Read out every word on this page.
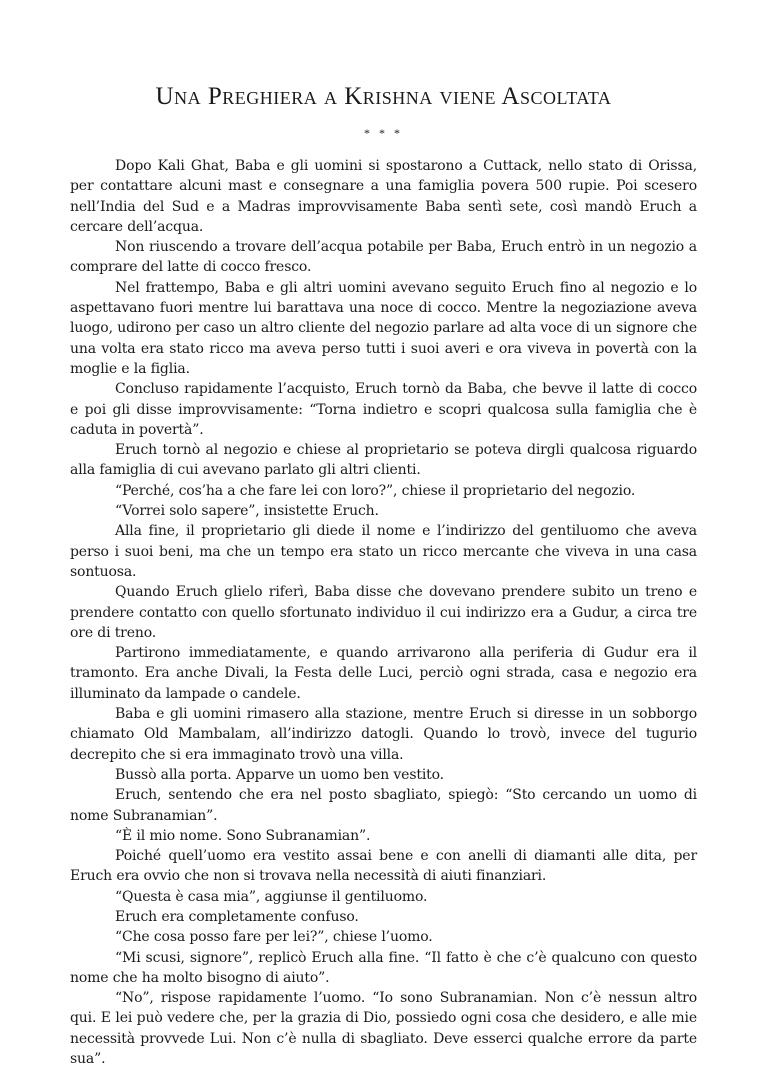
Una Preghiera a Krishna viene Ascoltata
* * *

Dopo Kali Ghat, Baba e gli uomini si spostarono a Cuttack, nello stato di Orissa, per contattare alcuni mast e consegnare a una famiglia povera 500 rupie. Poi scesero nell’India del Sud e a Madras improvvisamente Baba sentì sete, così mandò Eruch a cercare dell’acqua.

Non riuscendo a trovare dell’acqua potabile per Baba, Eruch entrò in un negozio a comprare del latte di cocco fresco.

Nel frattempo, Baba e gli altri uomini avevano seguito Eruch fino al negozio e lo aspettavano fuori mentre lui barattava una noce di cocco. Mentre la negoziazione aveva luogo, udirono per caso un altro cliente del negozio parlare ad alta voce di un signore che una volta era stato ricco ma aveva perso tutti i suoi averi e ora viveva in povertà con la moglie e la figlia.

Concluso rapidamente l’acquisto, Eruch tornò da Baba, che bevve il latte di cocco e poi gli disse improvvisamente: “Torna indietro e scopri qualcosa sulla famiglia che è caduta in povertà”.

Eruch tornò al negozio e chiese al proprietario se poteva dirgli qualcosa riguardo alla famiglia di cui avevano parlato gli altri clienti.

“Perché, cos’ha a che fare lei con loro?”, chiese il proprietario del negozio.

“Vorrei solo sapere”, insistette Eruch.

Alla fine, il proprietario gli diede il nome e l’indirizzo del gentiluomo che aveva perso i suoi beni, ma che un tempo era stato un ricco mercante che viveva in una casa sontuosa.

Quando Eruch glielo riferì, Baba disse che dovevano prendere subito un treno e prendere contatto con quello sfortunato individuo il cui indirizzo era a Gudur, a circa tre ore di treno.

Partirono immediatamente, e quando arrivarono alla periferia di Gudur era il tramonto. Era anche Divali, la Festa delle Luci, perciò ogni strada, casa e negozio era illuminato da lampade o candele.

Baba e gli uomini rimasero alla stazione, mentre Eruch si diresse in un sobborgo chiamato Old Mambalam, all’indirizzo datogli. Quando lo trovò, invece del tugurio decrepito che si era immaginato trovò una villa.

Bussò alla porta. Apparve un uomo ben vestito.

Eruch, sentendo che era nel posto sbagliato, spiegò: “Sto cercando un uomo di nome Subranamian”.

“È il mio nome. Sono Subranamian”.

Poiché quell’uomo era vestito assai bene e con anelli di diamanti alle dita, per Eruch era ovvio che non si trovava nella necessità di aiuti finanziari.

“Questa è casa mia”, aggiunse il gentiluomo.

Eruch era completamente confuso.

“Che cosa posso fare per lei?”, chiese l’uomo.

“Mi scusi, signore”, replicò Eruch alla fine. “Il fatto è che c’è qualcuno con questo nome che ha molto bisogno di aiuto”.

“No”, rispose rapidamente l’uomo. “Io sono Subranamian. Non c’è nessun altro qui. E lei può vedere che, per la grazia di Dio, possiedo ogni cosa che desidero, e alle mie necessità provvede Lui. Non c’è nulla di sbagliato. Deve esserci qualche errore da parte sua”.
